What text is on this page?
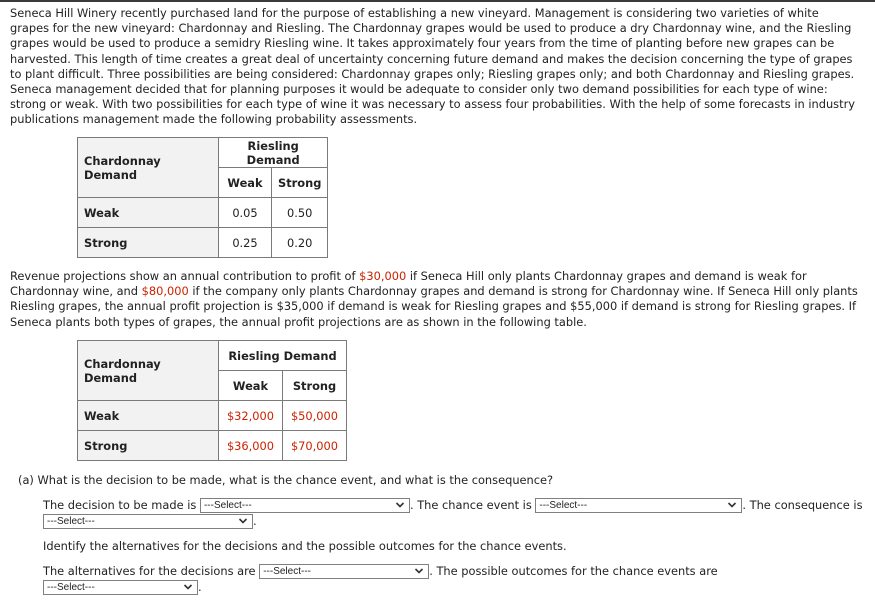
Seneca Hill Winery recently purchased land for the purpose of establishing a new vineyard. Management is considering two varieties of white grapes for the new vineyard: Chardonnay and Riesling. The Chardonnay grapes would be used to produce a dry Chardonnay wine, and the Riesling grapes would be used to produce a semidry Riesling wine. It takes approximately four years from the time of planting before new grapes can be harvested. This length of time creates a great deal of uncertainty concerning future demand and makes the decision concerning the type of grapes to plant difficult. Three possibilities are being considered: Chardonnay grapes only; Riesling grapes only; and both Chardonnay and Riesling grapes. Seneca management decided that for planning purposes it would be adequate to consider only two demand possibilities for each type of wine: strong or weak. With two possibilities for each type of wine it was necessary to assess four probabilities. With the help of some forecasts in industry publications management made the following probability assessments.

Chardonnay Demand	Riesling Demand	
	Weak	Strong
Weak	0.05	0.50
Strong	0.25	0.20

Revenue projections show an annual contribution to profit of $30,000 if Seneca Hill only plants Chardonnay grapes and demand is weak for Chardonnay wine, and $80,000 if the company only plants Chardonnay grapes and demand is strong for Chardonnay wine. If Seneca Hill only plants Riesling grapes, the annual profit projection is $35,000 if demand is weak for Riesling grapes and $55,000 if demand is strong for Riesling grapes. If Seneca plants both types of grapes, the annual profit projections are as shown in the following table.

Chardonnay Demand	Riesling Demand	
	Weak	Strong
Weak	$32,000	$50,000
Strong	$36,000	$70,000
(a) What is the decision to be made, what is the chance event, and what is the consequence?
The decision to be made is ---Select---	. The chance event is ---Select---	. The consequence is
---Select---	.
Identify the alternatives for the decisions and the possible outcomes for the chance events.
The alternatives for the decisions are ---Select---	. The possible outcomes for the chance events are
---Select---	.
